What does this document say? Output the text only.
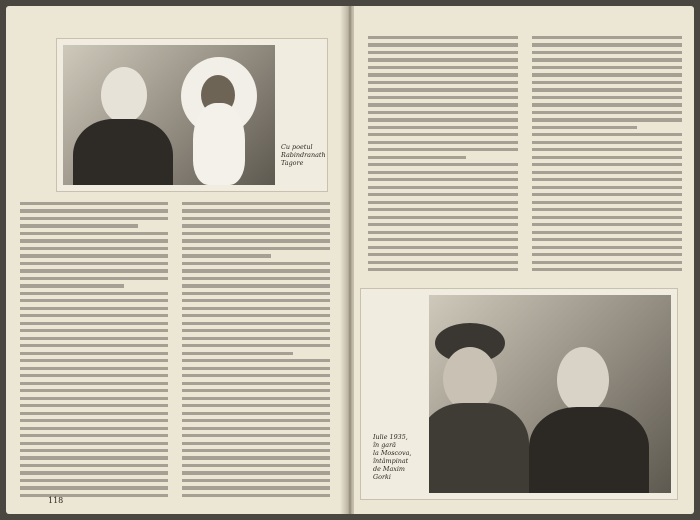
Cu poetul
Rabindranath
Tagore
118
Iulie 1935,
în gară
la Moscova,
întâmpinat
de Maxim
Gorki
